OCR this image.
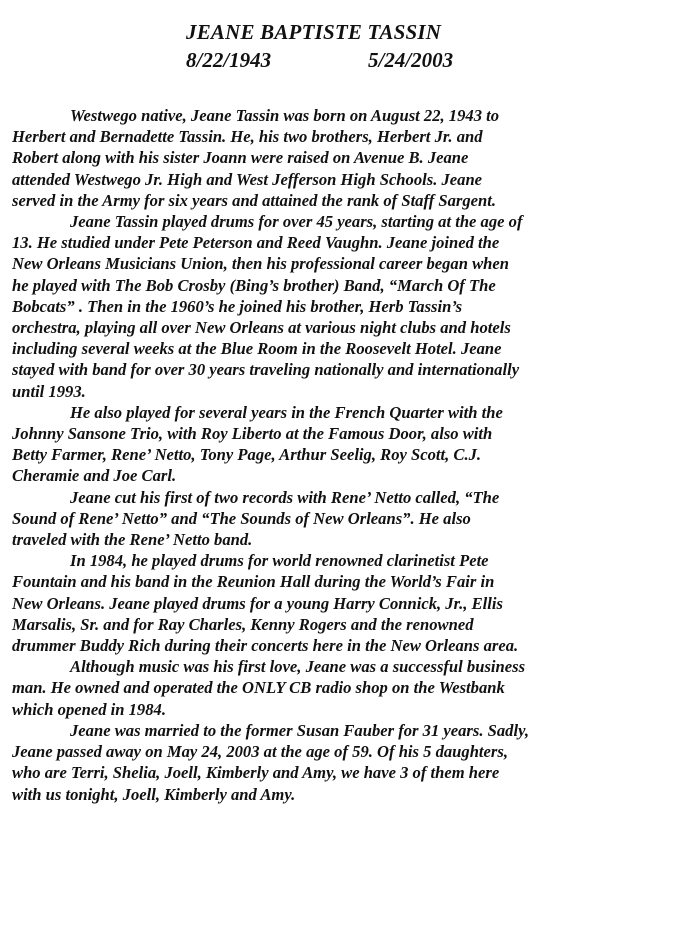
JEANE BAPTISTE TASSIN
8/22/1943	5/24/2003
Westwego native, Jeane Tassin was born on August 22, 1943 to
Herbert and Bernadette Tassin. He, his two brothers, Herbert Jr. and
Robert along with his sister Joann were raised on Avenue B. Jeane
attended Westwego Jr. High and West Jefferson High Schools. Jeane
served in the Army for six years and attained the rank of Staff Sargent.
Jeane Tassin played drums for over 45 years, starting at the age of
13. He studied under Pete Peterson and Reed Vaughn. Jeane joined the
New Orleans Musicians Union, then his professional career began when
he played with The Bob Crosby (Bing’s brother) Band, “March Of The
Bobcats” . Then in the 1960’s he joined his brother, Herb Tassin’s
orchestra, playing all over New Orleans at various night clubs and hotels
including several weeks at the Blue Room in the Roosevelt Hotel. Jeane
stayed with band for over 30 years traveling nationally and internationally
until 1993.
He also played for several years in the French Quarter with the
Johnny Sansone Trio, with Roy Liberto at the Famous Door, also with
Betty Farmer, Rene’ Netto, Tony Page, Arthur Seelig, Roy Scott, C.J.
Cheramie and Joe Carl.
Jeane cut his first of two records with Rene’ Netto called, “The
Sound of Rene’ Netto” and “The Sounds of New Orleans”. He also
traveled with the Rene’ Netto band.
In 1984, he played drums for world renowned clarinetist Pete
Fountain and his band in the Reunion Hall during the World’s Fair in
New Orleans. Jeane played drums for a young Harry Connick, Jr., Ellis
Marsalis, Sr. and for Ray Charles, Kenny Rogers and the renowned
drummer Buddy Rich during their concerts here in the New Orleans area.
Although music was his first love, Jeane was a successful business
man. He owned and operated the ONLY CB radio shop on the Westbank
which opened in 1984.
Jeane was married to the former Susan Fauber for 31 years. Sadly,
Jeane passed away on May 24, 2003 at the age of 59. Of his 5 daughters,
who are Terri, Shelia, Joell, Kimberly and Amy, we have 3 of them here
with us tonight, Joell, Kimberly and Amy.
